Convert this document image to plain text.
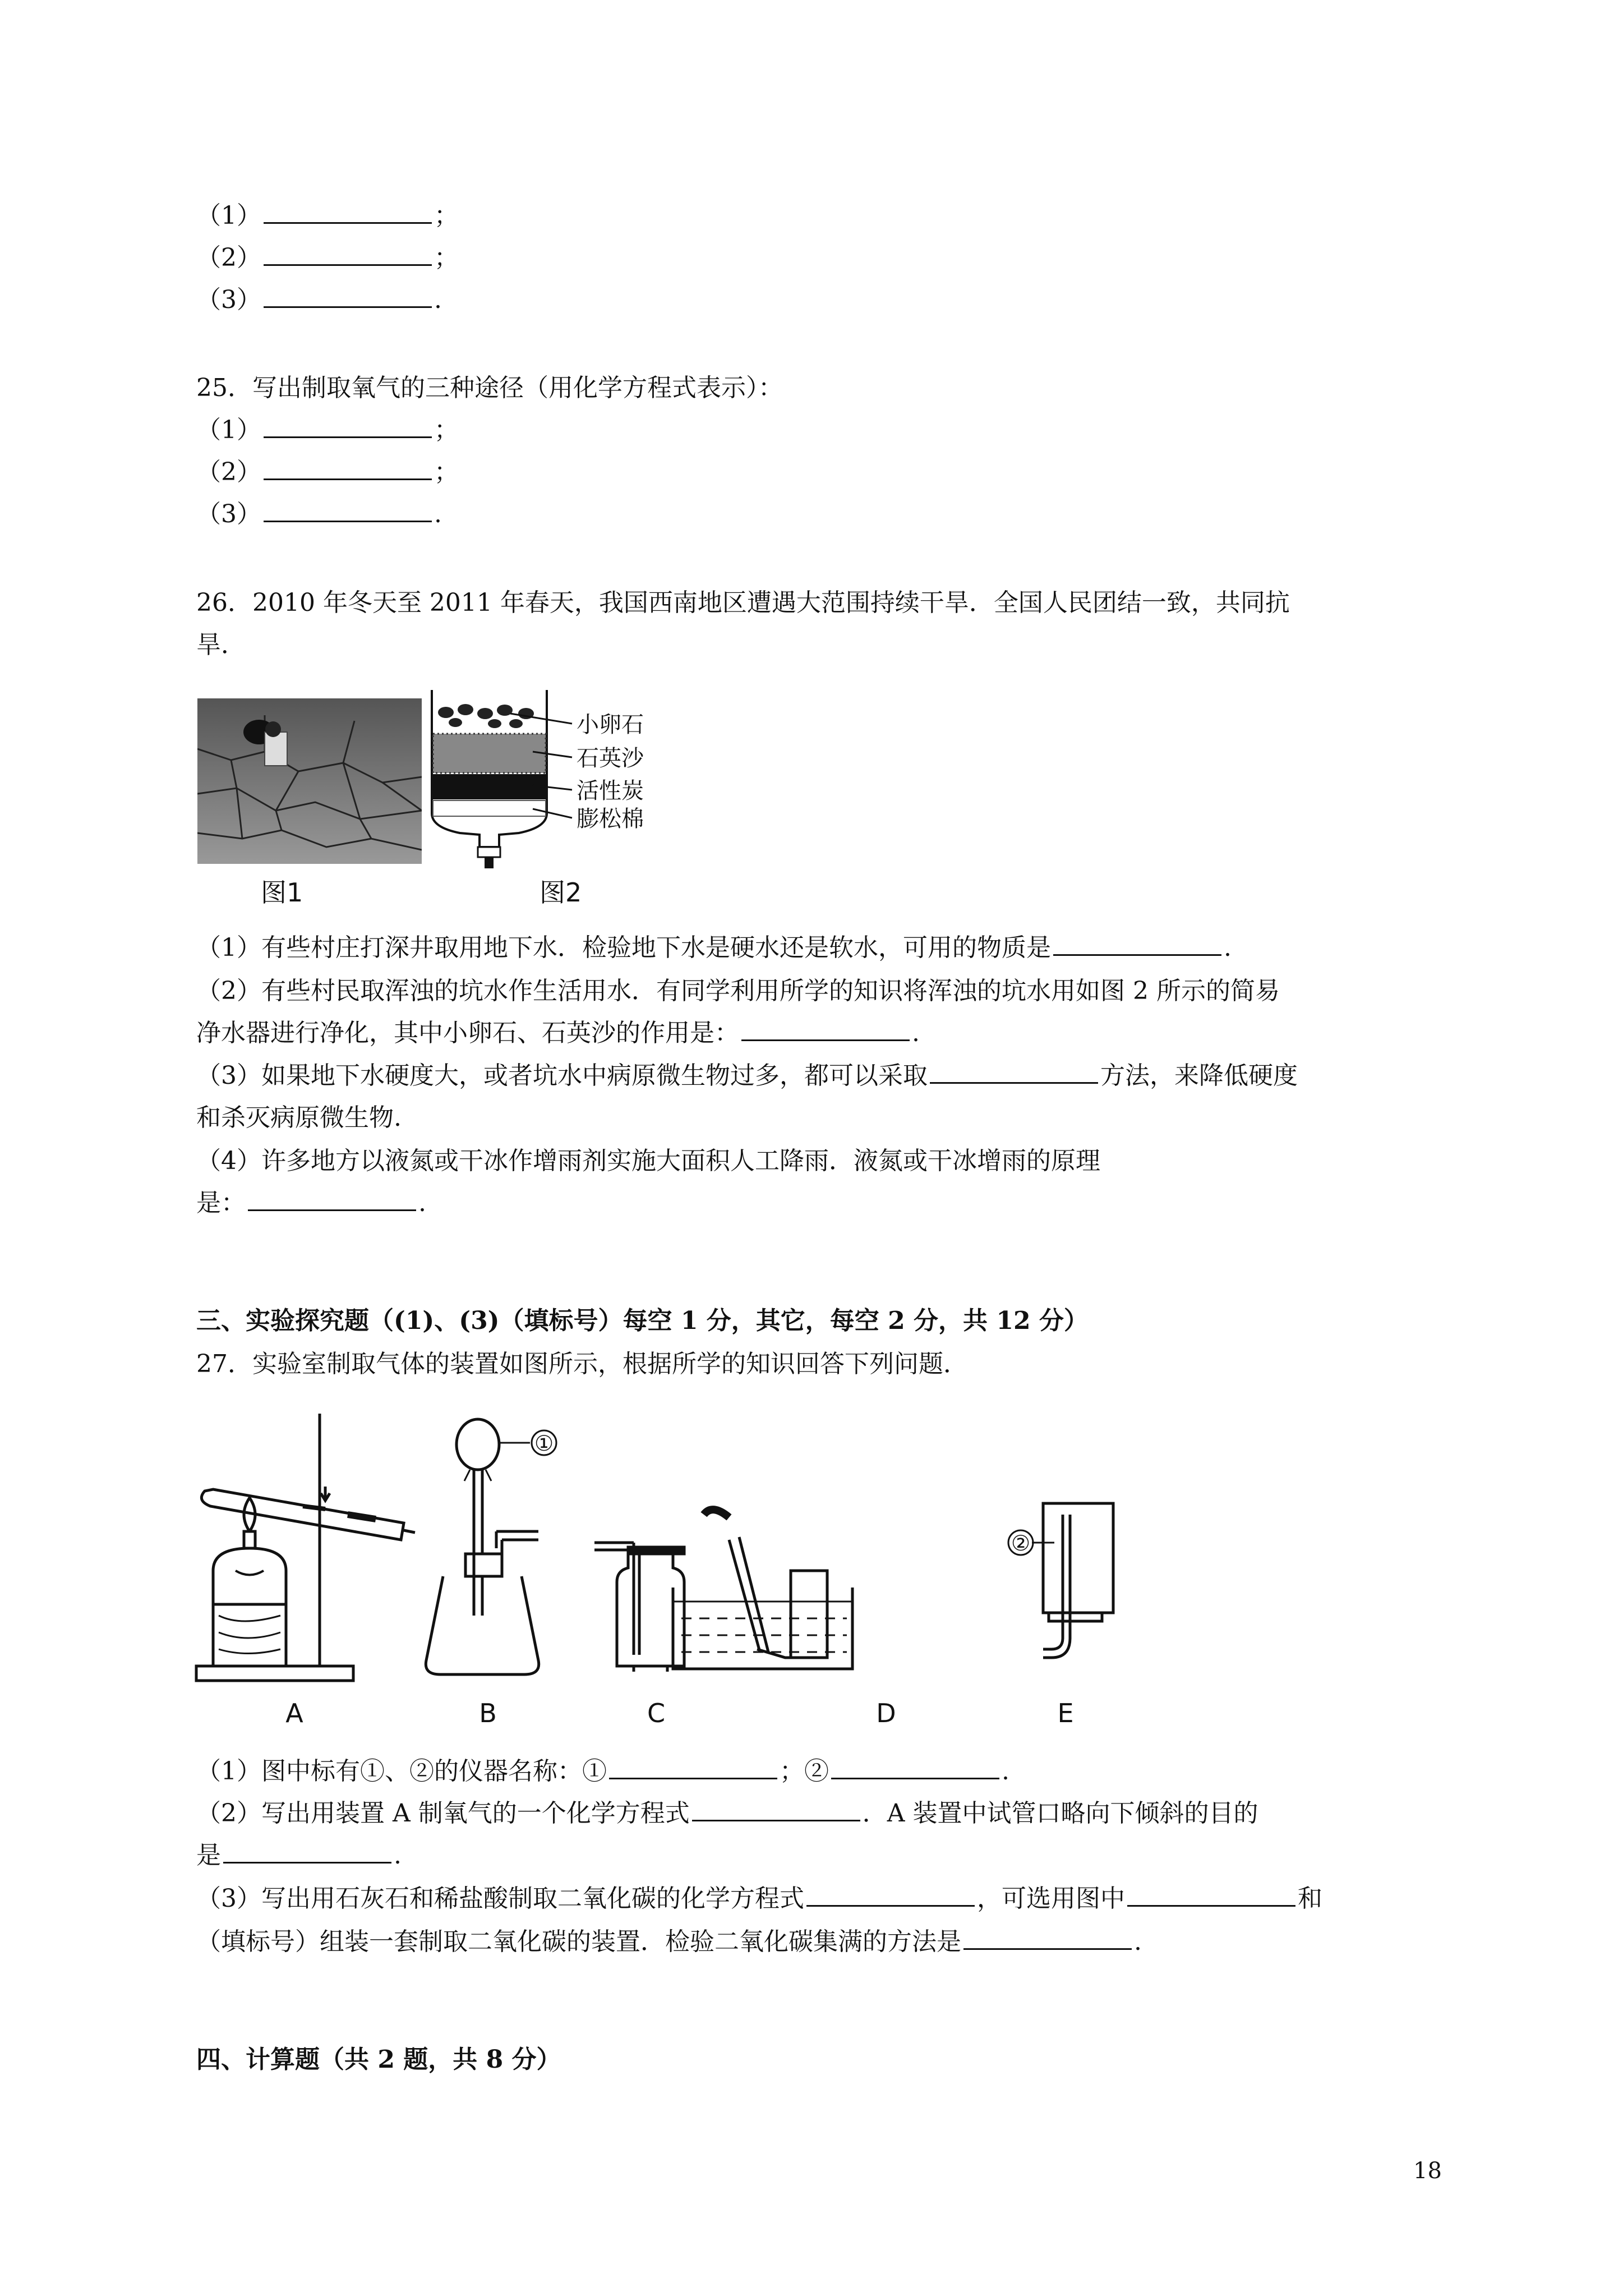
（1）	；
（2）	；
（3）	.
25．写出制取氧气的三种途径（用化学方程式表示）：
（1）	；
（2）	；
（3）	.
26．2010 年冬天至 2011 年春天，我国西南地区遭遇大范围持续干旱．全国人民团结一致，共同抗
旱．
图1
小卵石
石英沙
活性炭
膨松棉
图2
（1）有些村庄打深井取用地下水．检验地下水是硬水还是软水，可用的物质是	.
（2）有些村民取浑浊的坑水作生活用水．有同学利用所学的知识将浑浊的坑水用如图 2 所示的简易
净水器进行净化，其中小卵石、石英沙的作用是：	.
（3）如果地下水硬度大，或者坑水中病原微生物过多，都可以采取	方法，来降低硬度
和杀灭病原微生物.
（4）许多地方以液氮或干冰作增雨剂实施大面积人工降雨．液氮或干冰增雨的原理
是：	.
三、实验探究题（(1)、(3)（填标号）每空 1 分，其它，每空 2 分，共 12 分）
27．实验室制取气体的装置如图所示，根据所学的知识回答下列问题．
①
②
A	B	C	D	E
（1）图中标有①、②的仪器名称：①	；②	.
（2）写出用装置 A 制氧气的一个化学方程式	．A 装置中试管口略向下倾斜的目的
是	.
（3）写出用石灰石和稀盐酸制取二氧化碳的化学方程式	，可选用图中	和
（填标号）组装一套制取二氧化碳的装置．检验二氧化碳集满的方法是	.
四、计算题（共 2 题，共 8 分）
18
